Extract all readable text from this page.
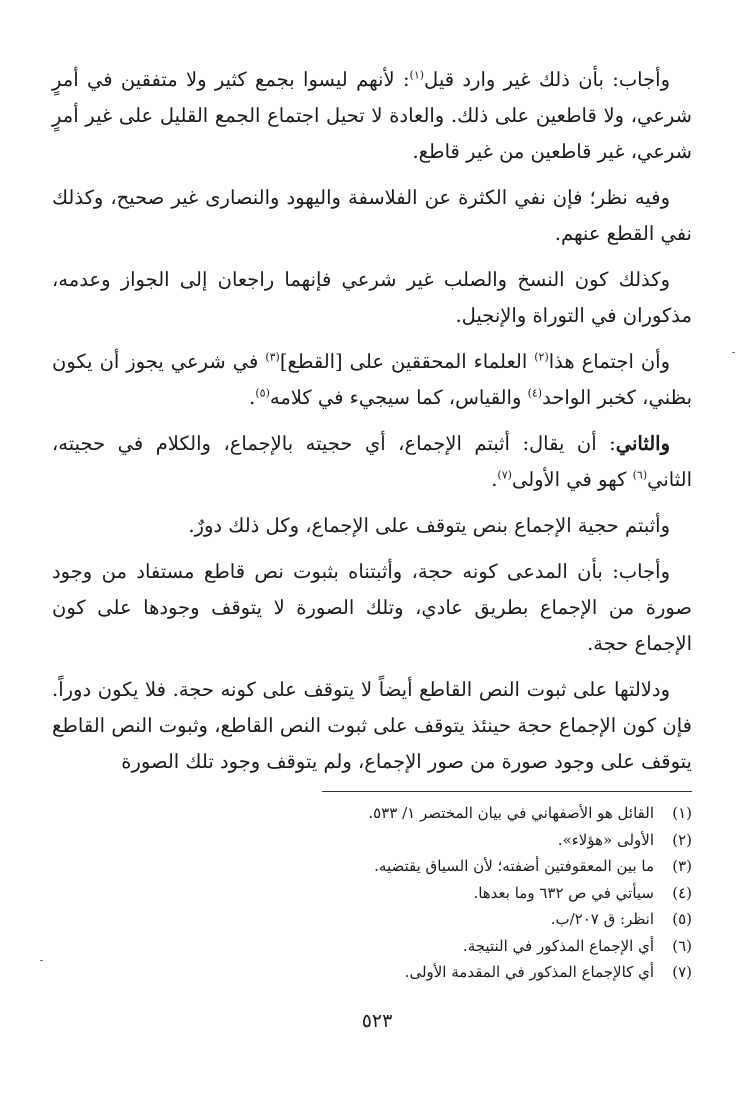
وأجاب: بأن ذلك غير وارد قيل$^{(١)}$: لأنهم ليسوا بجمع كثير ولا متفقين في أمرٍ شرعي، ولا قاطعين على ذلك. والعادة لا تحيل اجتماع الجمع القليل على غير أمرٍ شرعي، غير قاطعين من غير قاطع.

وفيه نظر؛ فإن نفي الكثرة عن الفلاسفة واليهود والنصارى غير صحيح، وكذلك نفي القطع عنهم.

وكذلك كون النسخ والصلب غير شرعي فإنهما راجعان إلى الجواز وعدمه، مذكوران في التوراة والإنجيل.

وأن اجتماع هذا$^{(٢)}$ العلماء المحققين على [القطع]$^{(٣)}$ في شرعي يجوز أن يكون بظني، كخبر الواحد$^{(٤)}$ والقياس، كما سيجيء في كلامه$^{(٥)}$.

والثاني: أن يقال: أثبتم الإجماع، أي حجيته بالإجماع، والكلام في حجيته، الثاني$^{(٦)}$ كهو في الأولى$^{(٧)}$.

وأثبتم حجية الإجماع بنص يتوقف على الإجماع، وكل ذلك دورٌ.

وأجاب: بأن المدعى كونه حجة، وأثبتناه بثبوت نص قاطع مستفاد من وجود صورة من الإجماع بطريق عادي، وتلك الصورة لا يتوقف وجودها على كون الإجماع حجة.

ودلالتها على ثبوت النص القاطع أيضاً لا يتوقف على كونه حجة. فلا يكون دوراً. فإن كون الإجماع حجة حينئذ يتوقف على ثبوت النص القاطع، وثبوت النص القاطع يتوقف على وجود صورة من صور الإجماع، ولم يتوقف وجود تلك الصورة

(١)
القائل هو الأصفهاني في بيان المختصر ١/ ٥٣٣.
(٢)
الأولى «هؤلاء».
(٣)
ما بين المعقوفتين أضفته؛ لأن السياق يقتضيه.
(٤)
سيأتي في ص ٦٣٢ وما بعدها.
(٥)
انظر: ق ٢٠٧/ب.
(٦)
أي الإجماع المذكور في النتيجة.
(٧)
أي كالإجماع المذكور في المقدمة الأولى.
٥٢٣
